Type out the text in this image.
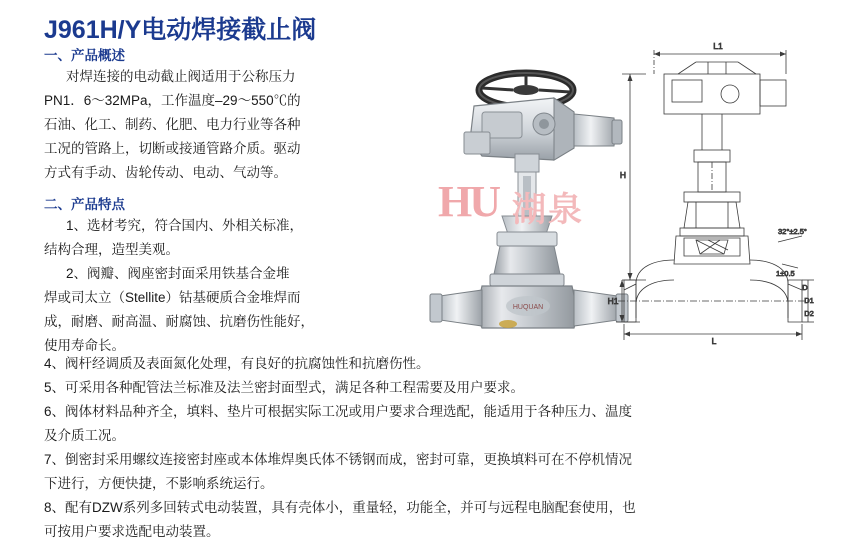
J961H/Y电动焊接截止阀

一、产品概述

对焊连接的电动截止阀适用于公称压力

PN1．6～32MPa，工作温度–29～550℃的

石油、化工、制药、化肥、电力行业等各种

工况的管路上，切断或接通管路介质。驱动

方式有手动、齿轮传动、电动、气动等。

二、产品特点

1、选材考究，符合国内、外相关标准，

结构合理，造型美观。

2、阀瓣、阀座密封面采用铁基合金堆

焊或司太立（Stellite）钴基硬质合金堆焊而

成，耐磨、耐高温、耐腐蚀、抗磨伤性能好，

使用寿命长。

4、阀杆经调质及表面氮化处理，有良好的抗腐蚀性和抗磨伤性。

5、可采用各种配管法兰标准及法兰密封面型式，满足各种工程需要及用户要求。

6、阀体材料品种齐全，填料、垫片可根据实际工况或用户要求合理选配，能适用于各种压力、温度

及介质工况。

7、倒密封采用螺纹连接密封座或本体堆焊奥氏体不锈钢而成，密封可靠，更换填料可在不停机情况

下进行，方便快捷，不影响系统运行。

8、配有DZW系列多回转式电动装置，具有壳体小，重量轻，功能全，并可与远程电脑配套使用，也

可按用户要求选配电动装置。

HUQUAN
L1
H
H1
L
D
D1
D2
32°±2.5°
1±0.5
HU 湖泉
